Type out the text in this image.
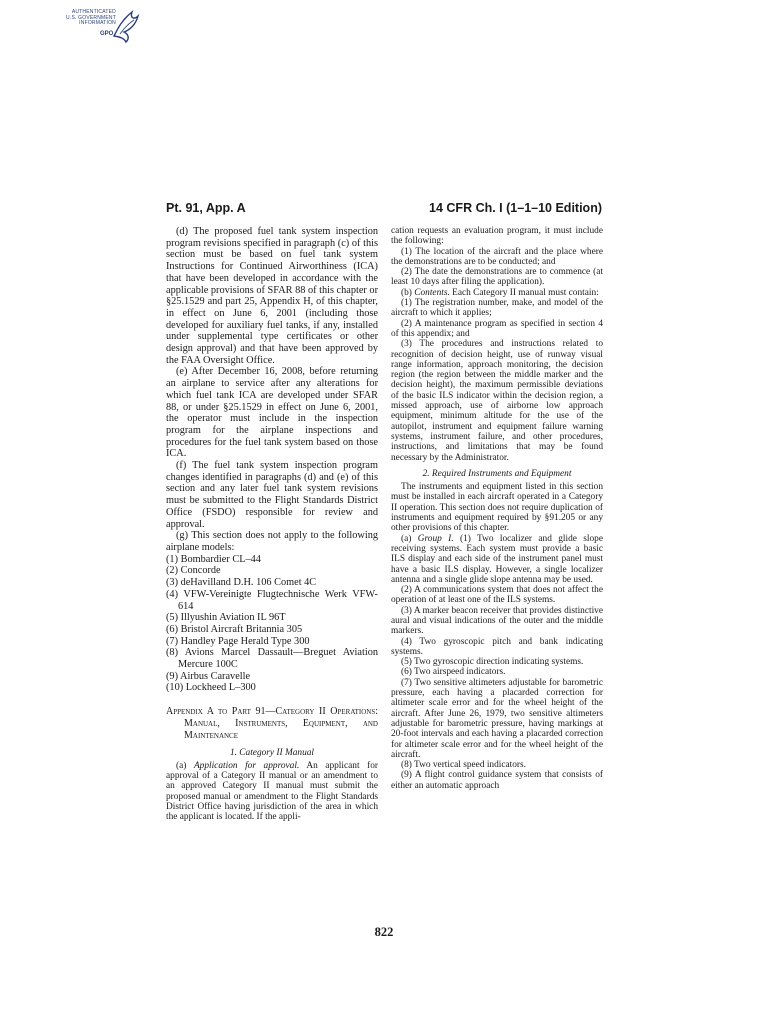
AUTHENTICATED
U.S. GOVERNMENT
INFORMATION
GPO
Pt. 91, App. A	14 CFR Ch. I (1–1–10 Edition)

(d) The proposed fuel tank system inspection program revisions specified in paragraph (c) of this section must be based on fuel tank system Instructions for Continued Airworthiness (ICA) that have been developed in accordance with the applicable provisions of SFAR 88 of this chapter or §25.1529 and part 25, Appendix H, of this chapter, in effect on June 6, 2001 (including those developed for auxiliary fuel tanks, if any, installed under supplemental type certificates or other design approval) and that have been approved by the FAA Oversight Office.

(e) After December 16, 2008, before returning an airplane to service after any alterations for which fuel tank ICA are developed under SFAR 88, or under §25.1529 in effect on June 6, 2001, the operator must include in the inspection program for the airplane inspections and procedures for the fuel tank system based on those ICA.

(f) The fuel tank system inspection program changes identified in paragraphs (d) and (e) of this section and any later fuel tank system revisions must be submitted to the Flight Standards District Office (FSDO) responsible for review and approval.

(g) This section does not apply to the following airplane models:

(1) Bombardier CL–44

(2) Concorde

(3) deHavilland D.H. 106 Comet 4C

(4) VFW-Vereinigte Flugtechnische Werk VFW-614

(5) Illyushin Aviation IL 96T

(6) Bristol Aircraft Britannia 305

(7) Handley Page Herald Type 300

(8) Avions Marcel Dassault—Breguet Aviation Mercure 100C

(9) Airbus Caravelle

(10) Lockheed L–300

Appendix A to Part 91—Category II Operations: Manual, Instruments, Equipment, and Maintenance

1. Category II Manual

(a) Application for approval. An applicant for approval of a Category II manual or an amendment to an approved Category II manual must submit the proposed manual or amendment to the Flight Standards District Office having jurisdiction of the area in which the applicant is located. If the appli-

cation requests an evaluation program, it must include the following:

(1) The location of the aircraft and the place where the demonstrations are to be conducted; and

(2) The date the demonstrations are to commence (at least 10 days after filing the application).

(b) Contents. Each Category II manual must contain:

(1) The registration number, make, and model of the aircraft to which it applies;

(2) A maintenance program as specified in section 4 of this appendix; and

(3) The procedures and instructions related to recognition of decision height, use of runway visual range information, approach monitoring, the decision region (the region between the middle marker and the decision height), the maximum permissible deviations of the basic ILS indicator within the decision region, a missed approach, use of airborne low approach equipment, minimum altitude for the use of the autopilot, instrument and equipment failure warning systems, instrument failure, and other procedures, instructions, and limitations that may be found necessary by the Administrator.

2. Required Instruments and Equipment

The instruments and equipment listed in this section must be installed in each aircraft operated in a Category II operation. This section does not require duplication of instruments and equipment required by §91.205 or any other provisions of this chapter.

(a) Group I. (1) Two localizer and glide slope receiving systems. Each system must provide a basic ILS display and each side of the instrument panel must have a basic ILS display. However, a single localizer antenna and a single glide slope antenna may be used.

(2) A communications system that does not affect the operation of at least one of the ILS systems.

(3) A marker beacon receiver that provides distinctive aural and visual indications of the outer and the middle markers.

(4) Two gyroscopic pitch and bank indicating systems.

(5) Two gyroscopic direction indicating systems.

(6) Two airspeed indicators.

(7) Two sensitive altimeters adjustable for barometric pressure, each having a placarded correction for altimeter scale error and for the wheel height of the aircraft. After June 26, 1979, two sensitive altimeters adjustable for barometric pressure, having markings at 20-foot intervals and each having a placarded correction for altimeter scale error and for the wheel height of the aircraft.

(8) Two vertical speed indicators.

(9) A flight control guidance system that consists of either an automatic approach

822
